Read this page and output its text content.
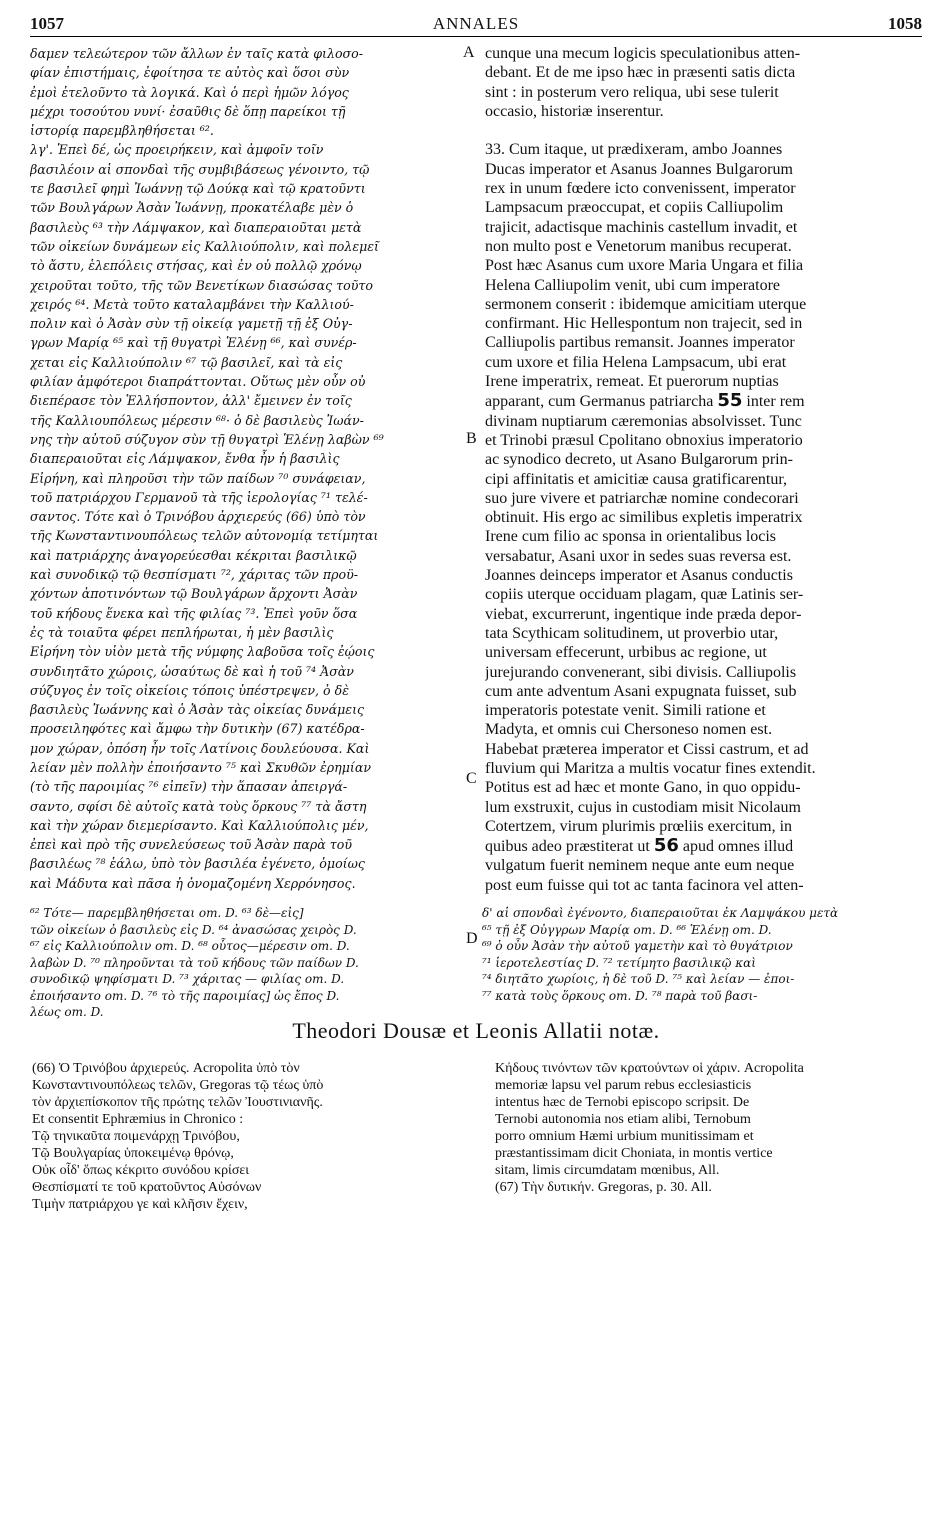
1057	ANNALES	1058
δαμεν τελεώτερον τῶν ἄλλων ἐν ταῖς κατὰ φιλοσο-
φίαν ἐπιστήμαις, ἐφοίτησα τε αὐτὸς καὶ ὅσοι σὺν
ἐμοὶ ἐτελοῦντο τὰ λογικά. Καὶ ὁ περὶ ἡμῶν λόγος
μέχρι τοσούτου νυνί· ἐσαῦθις δὲ ὅπῃ παρείκοι τῇ
ἱστορίᾳ παρεμβληθήσεται ⁶².
λγ'. Ἐπεὶ δέ, ὡς προειρήκειν, καὶ ἀμφοῖν τοῖν
βασιλέοιν αἱ σπονδαὶ τῆς συμβιβάσεως γένοιντο, τῷ
τε βασιλεῖ φημὶ Ἰωάννῃ τῷ Δούκᾳ καὶ τῷ κρατοῦντι
τῶν Βουλγάρων Ἀσὰν Ἰωάννῃ, προκατέλαβε μὲν ὁ
βασιλεὺς ⁶³ τὴν Λάμψακον, καὶ διαπεραιοῦται μετὰ
τῶν οἰκείων δυνάμεων εἰς Καλλιούπολιν, καὶ πολεμεῖ
τὸ ἄστυ, ἑλεπόλεις στήσας, καὶ ἐν οὐ πολλῷ χρόνῳ
χειροῦται τοῦτο, τῆς τῶν Βενετίκων διασώσας τοῦτο
χειρός ⁶⁴. Μετὰ τοῦτο καταλαμβάνει τὴν Καλλιού-
πολιν καὶ ὁ Ἀσὰν σὺν τῇ οἰκείᾳ γαμετῇ τῇ ἐξ Οὐγ-
γρων Μαρίᾳ ⁶⁵ καὶ τῇ θυγατρὶ Ἑλένῃ ⁶⁶, καὶ συνέρ-
χεται εἰς Καλλιούπολιν ⁶⁷ τῷ βασιλεῖ, καὶ τὰ εἰς
φιλίαν ἀμφότεροι διαπράττονται. Οὕτως μὲν οὖν οὐ
διεπέρασε τὸν Ἑλλήσποντον, ἀλλ' ἔμεινεν ἐν τοῖς
τῆς Καλλιουπόλεως μέρεσιν ⁶⁸· ὁ δὲ βασιλεὺς Ἰωάν-
νης τὴν αὐτοῦ σύζυγον σὺν τῇ θυγατρὶ Ἑλένῃ λαβὼν ⁶⁹
διαπεραιοῦται εἰς Λάμψακον, ἔνθα ἦν ἡ βασιλὶς
Εἰρήνη, καὶ πληροῦσι τὴν τῶν παίδων ⁷⁰ συνάφειαν,
τοῦ πατριάρχου Γερμανοῦ τὰ τῆς ἱερολογίας ⁷¹ τελέ-
σαντος. Τότε καὶ ὁ Τρινόβου ἀρχιερεύς (66) ὑπὸ τὸν
τῆς Κωνσταντινουπόλεως τελῶν αὐτονομίᾳ τετίμηται
καὶ πατριάρχης ἀναγορεύεσθαι κέκριται βασιλικῷ
καὶ συνοδικῷ τῷ θεσπίσματι ⁷², χάριτας τῶν προϋ-
χόντων ἀποτινόντων τῷ Βουλγάρων ἄρχοντι Ἀσὰν
τοῦ κήδους ἕνεκα καὶ τῆς φιλίας ⁷³. Ἐπεὶ γοῦν ὅσα
ἐς τὰ τοιαῦτα φέρει πεπλήρωται, ἡ μὲν βασιλὶς
Εἰρήνη τὸν υἱὸν μετὰ τῆς νύμφης λαβοῦσα τοῖς ἐῴοις
συνδιητᾶτο χώροις, ὡσαύτως δὲ καὶ ἡ τοῦ ⁷⁴ Ἀσὰν
σύζυγος ἐν τοῖς οἰκείοις τόποις ὑπέστρεψεν, ὁ δὲ
βασιλεὺς Ἰωάννης καὶ ὁ Ἀσὰν τὰς οἰκείας δυνάμεις
προσειληφότες καὶ ἄμφω τὴν δυτικὴν (67) κατέδρα-
μον χώραν, ὁπόση ἦν τοῖς Λατίνοις δουλεύουσα. Καὶ
λείαν μὲν πολλὴν ἐποιήσαντο ⁷⁵ καὶ Σκυθῶν ἐρημίαν
(τὸ τῆς παροιμίας ⁷⁶ εἰπεῖν) τὴν ἅπασαν ἀπειργά-
σαντο, σφίσι δὲ αὐτοῖς κατὰ τοὺς ὅρκους ⁷⁷ τὰ ἄστη
καὶ τὴν χώραν διεμερίσαντο. Καὶ Καλλιούπολις μέν,
ἐπεὶ καὶ πρὸ τῆς συνελεύσεως τοῦ Ἀσὰν παρὰ τοῦ
βασιλέως ⁷⁸ ἑάλω, ὑπὸ τὸν βασιλέα ἐγένετο, ὁμοίως
καὶ Μάδυτα καὶ πᾶσα ἡ ὀνομαζομένη Χερρόνησος.
cunque una mecum logicis speculationibus atten-
debant. Et de me ipso hæc in præsenti satis dicta
sint : in posterum vero reliqua, ubi sese tulerit
occasio, historiæ inserentur.

33. Cum itaque, ut prædixeram, ambo Joannes
Ducas imperator et Asanus Joannes Bulgarorum
rex in unum fœdere icto convenissent, imperator
Lampsacum præoccupat, et copiis Calliupolim
trajicit, adactisque machinis castellum invadit, et
non multo post e Venetorum manibus recuperat.
Post hæc Asanus cum uxore Maria Ungara et filia
Helena Calliupolim venit, ubi cum imperatore
sermonem conserit : ibidemque amicitiam uterque
confirmant. Hic Hellespontum non trajecit, sed in
Calliupolis partibus remansit. Joannes imperator
cum uxore et filia Helena Lampsacum, ubi erat
Irene imperatrix, remeat. Et puerorum nuptias
apparant, cum Germanus patriarcha 55 inter rem
divinam nuptiarum cæremonias absolvisset. Tunc
et Trinobi præsul Cpolitano obnoxius imperatorio
ac synodico decreto, ut Asano Bulgarorum prin-
cipi affinitatis et amicitiæ causa gratificarentur,
suo jure vivere et patriarchæ nomine condecorari
obtinuit. His ergo ac similibus expletis imperatrix
Irene cum filio ac sponsa in orientalibus locis
versabatur, Asani uxor in sedes suas reversa est.
Joannes deinceps imperator et Asanus conductis
copiis uterque occiduam plagam, quæ Latinis ser-
viebat, excurrerunt, ingentique inde præda depor-
tata Scythicam solitudinem, ut proverbio utar,
universam effecerunt, urbibus ac regione, ut
jurejurando convenerant, sibi divisis. Calliupolis
cum ante adventum Asani expugnata fuisset, sub
imperatoris potestate venit. Simili ratione et
Madyta, et omnis cui Chersoneso nomen est.
Habebat præterea imperator et Cissi castrum, et ad
fluvium qui Maritza a multis vocatur fines extendit.
Potitus est ad hæc et monte Gano, in quo oppidu-
lum exstruxit, cujus in custodiam misit Nicolaum
Cotertzem, virum plurimis prœliis exercitum, in
quibus adeo præstiterat ut 56 apud omnes illud
vulgatum fuerit neminem neque ante eum neque
post eum fuisse qui tot ac tanta facinora vel atten-
A
B
C
D
⁶² Τότε— παρεμβληθήσεται om. D. ⁶³ δὲ—εἰς]
τῶν οἰκείων ὁ βασιλεὺς εἰς D. ⁶⁴ ἀνασώσας χειρὸς D.
⁶⁷ εἰς Καλλιούπολιν om. D. ⁶⁸ οὗτος—μέρεσιν om. D.
λαβὼν D. ⁷⁰ πληροῦνται τὰ τοῦ κήδους τῶν παίδων D.
συνοδικῷ ψηφίσματι D. ⁷³ χάριτας — φιλίας om. D.
ἐποιήσαντο om. D. ⁷⁶ τὸ τῆς παροιμίας] ὡς ἔπος D.
λέως om. D.
δ' αἱ σπονδαὶ ἐγένοντο, διαπεραιοῦται ἐκ Λαμψάκου μετὰ
⁶⁵ τῇ ἐξ Οὐγγρων Μαρίᾳ om. D. ⁶⁶ Ἑλένῃ om. D.
⁶⁹ ὁ οὖν Ἀσὰν τὴν αὐτοῦ γαμετὴν καὶ τὸ θυγάτριον
⁷¹ ἱεροτελεστίας D. ⁷² τετίμητο βασιλικῷ καὶ
⁷⁴ διητᾶτο χωρίοις, ἡ δὲ τοῦ D. ⁷⁵ καὶ λείαν — ἐποι-
⁷⁷ κατὰ τοὺς ὅρκους om. D. ⁷⁸ παρὰ τοῦ βασι-
Theodori Dousæ et Leonis Allatii notæ.
(66) Ὁ Τρινόβου ἀρχιερεύς. Acropolita ὑπὸ τὸν
Κωνσταντινουπόλεως τελῶν, Gregoras τῷ τέως ὑπὸ
τὸν ἀρχιεπίσκοπον τῆς πρώτης τελῶν Ἰουστινιανῆς.
Et consentit Ephræmius in Chronico :
Τῷ τηνικαῦτα ποιμενάρχῃ Τρινόβου,
Τῷ Βουλγαρίας ὑποκειμένῳ θρόνῳ,
Οὐκ οἶδ' ὅπως κέκριτο συνόδου κρίσει
Θεσπίσματί τε τοῦ κρατοῦντος Αὐσόνων
Τιμὴν πατριάρχου γε καὶ κλῆσιν ἔχειν,
Κήδους τινόντων τῶν κρατούντων οἱ χάριν. Acropolita
memoriæ lapsu vel parum rebus ecclesiasticis
intentus hæc de Ternobi episcopo scripsit. De
Ternobi autonomia nos etiam alibi, Ternobum
porro omnium Hæmi urbium munitissimam et
præstantissimam dicit Choniata, in montis vertice
sitam, limis circumdatam mœnibus, All.
(67) Τὴν δυτικήν. Gregoras, p. 30. All.
